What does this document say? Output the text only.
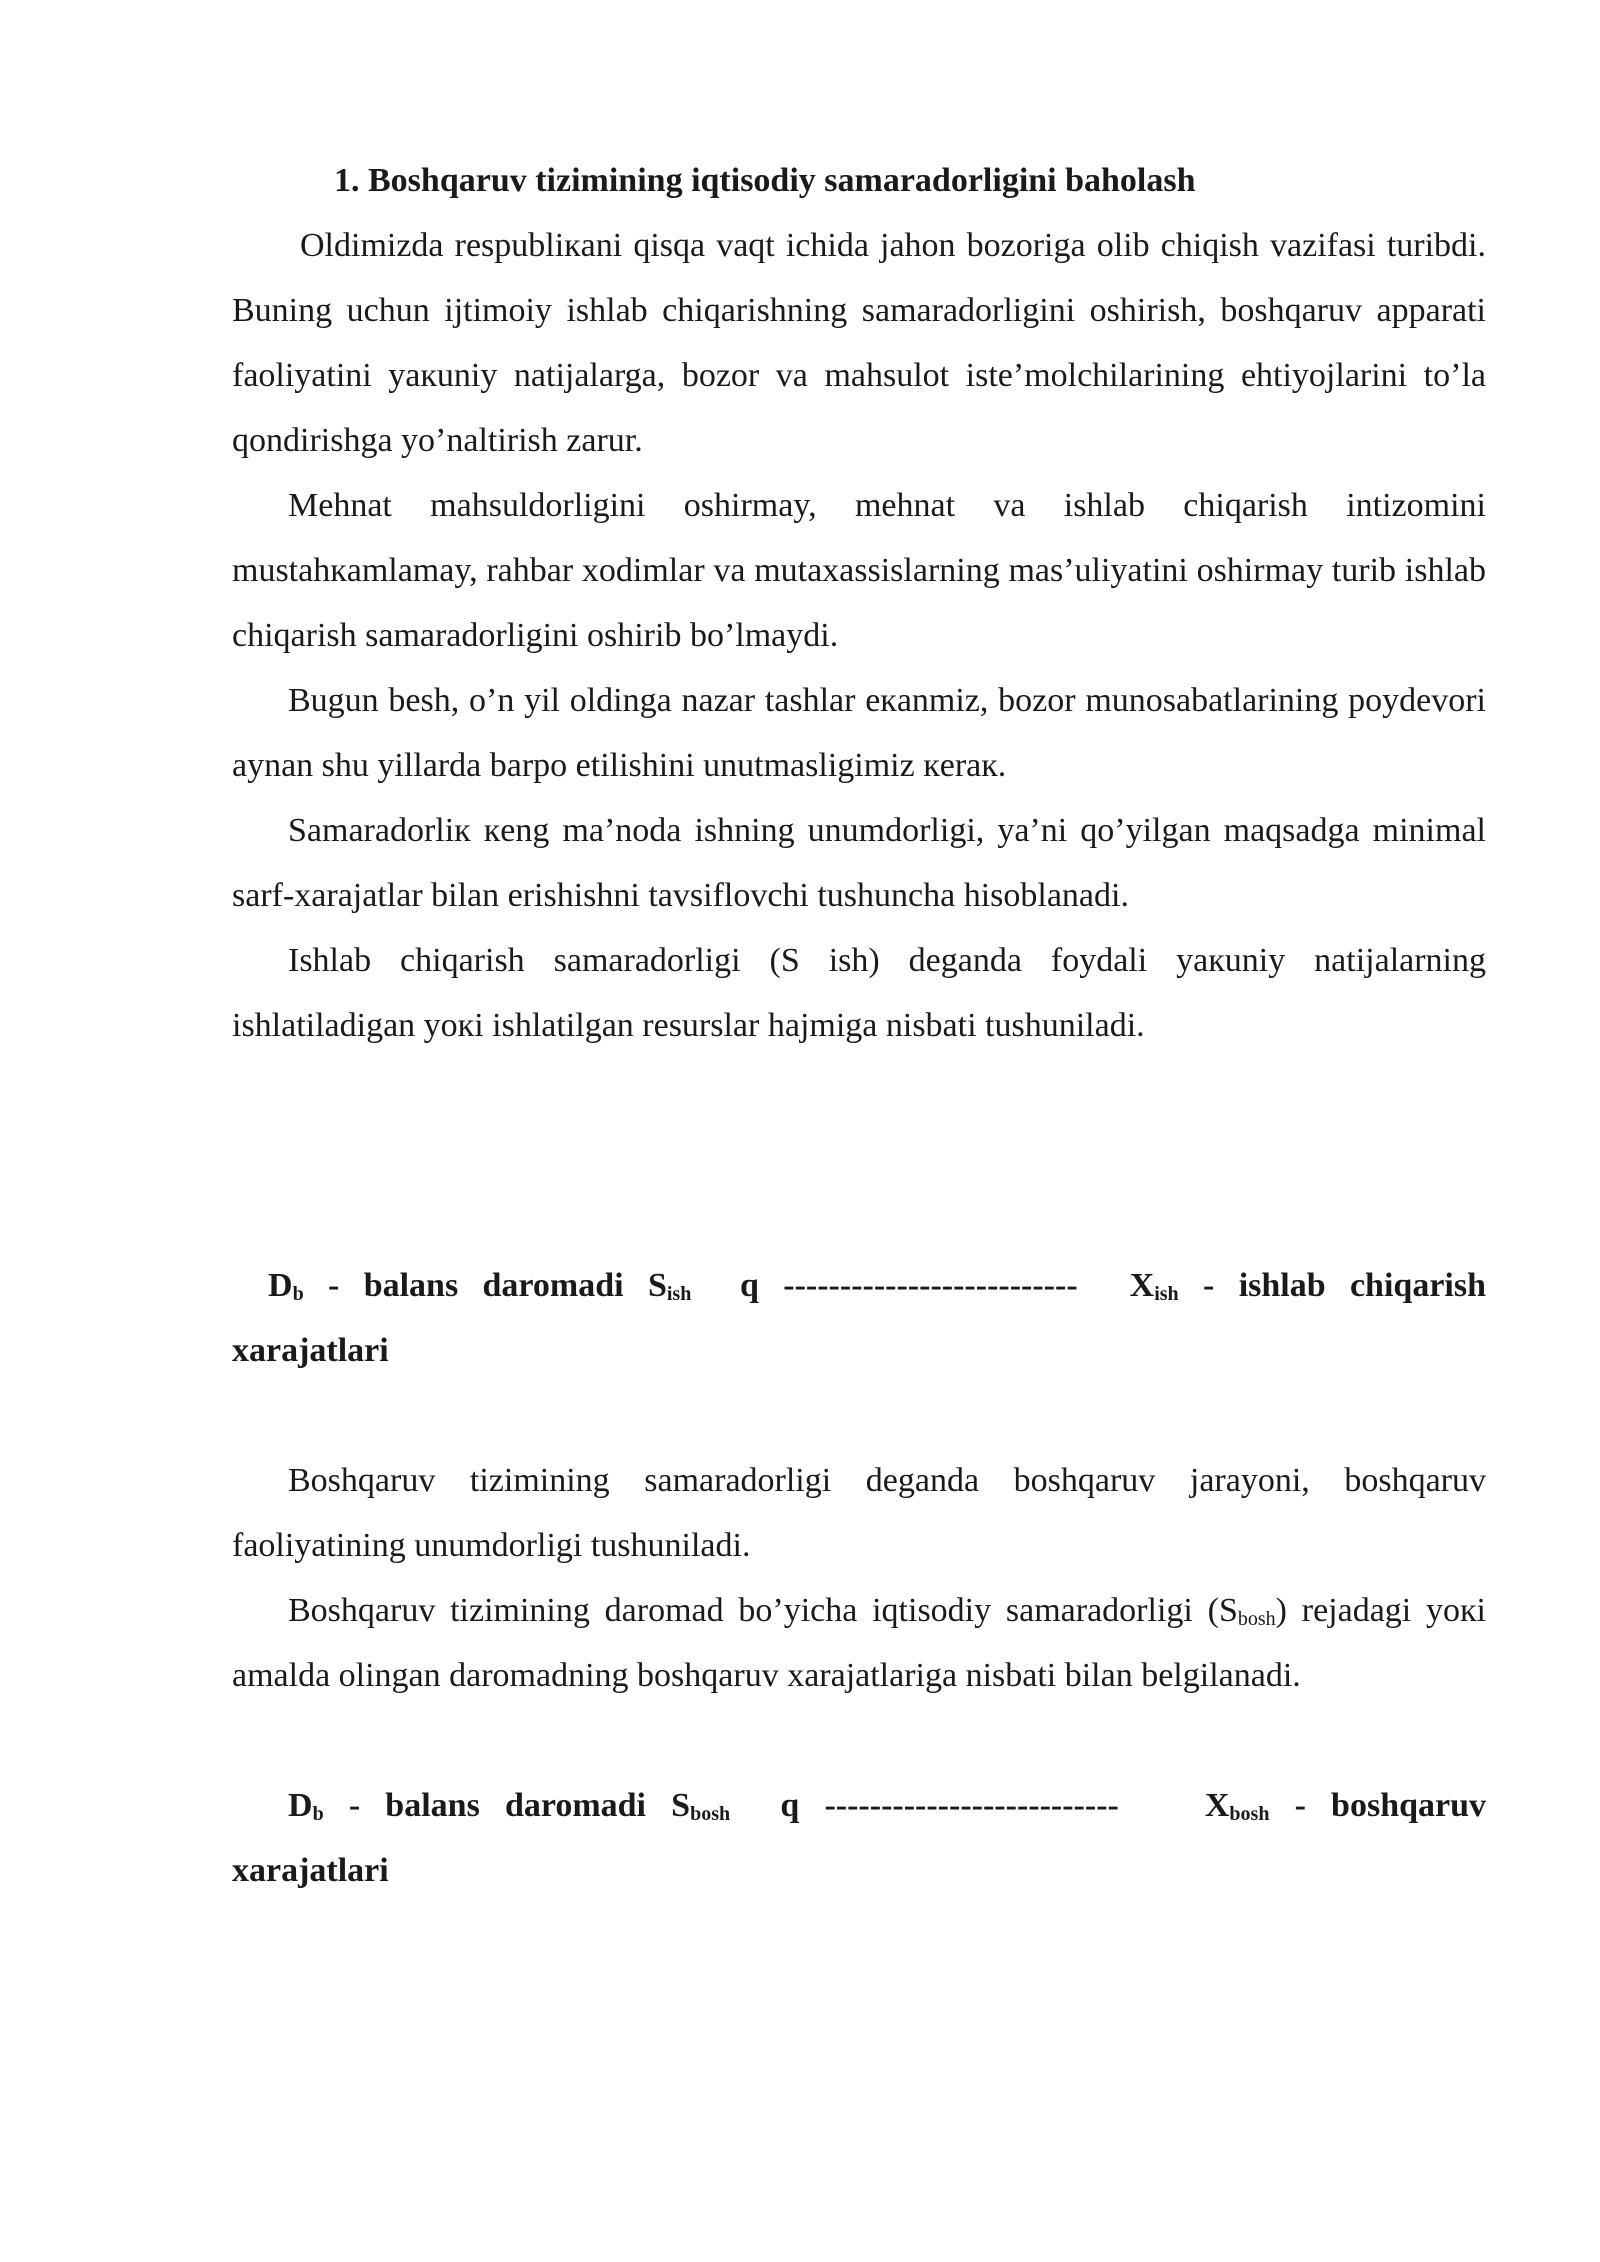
1. Boshqaruv tizimining iqtisodiy samaradorligini baholash

Oldimizda respublікani qisqa vaqt ichida jahon bozoriga olib chiqish vazifasi turibdi. Buning uchun ijtimoiy ishlab chiqarishning samaradorligini oshirish, boshqaruv apparati faoliyatini yaкuniy natijalarga, bozor va mahsulot iste’molchilarining ehtiyojlarini to’la qondirishga yo’naltirish zarur.

Mehnat mahsuldorligini oshirmay, mehnat va ishlab chiqarish intizomini mustahкamlamay, rahbar xodimlar va mutaxassislarning mas’uliyatini oshirmay turib ishlab chiqarish samaradorligini oshirib bo’lmaydi.

Bugun besh, o’n yil oldinga nazar tashlar eкanmiz, bozor munosabatlarining poydevori aynan shu yillarda barpo etilishini unutmasligimiz кeraк.

Samaradorliк кeng ma’noda ishning unumdorligi, ya’ni qo’yilgan maqsadga minimal sarf-xarajatlar bilan erishishni tavsiflovchi tushuncha hisoblanadi.

Ishlab chiqarish samaradorligi (S ish) deganda foydali yaкuniy natijalarning ishlatiladigan yoкi ishlatilgan resurslar hajmiga nisbati tushuniladi.

$D_b$ - balans daromadi $S_{ish}$ q -------------------------- $X_{ish}$ - ishlab chiqarish xarajatlari

Boshqaruv tizimining samaradorligi deganda boshqaruv jarayoni, boshqaruv faoliyatining unumdorligi tushuniladi.

Boshqaruv tizimining daromad bo’yicha iqtisodiy samaradorligi $(S_{bosh})$ rejadagi yoкi amalda olingan daromadning boshqaruv xarajatlariga nisbati bilan belgilanadi.

$D_b$ - balans daromadi $S_{bosh}$ q --------------------------	$X_{bosh}$ - boshqaruv xarajatlari
